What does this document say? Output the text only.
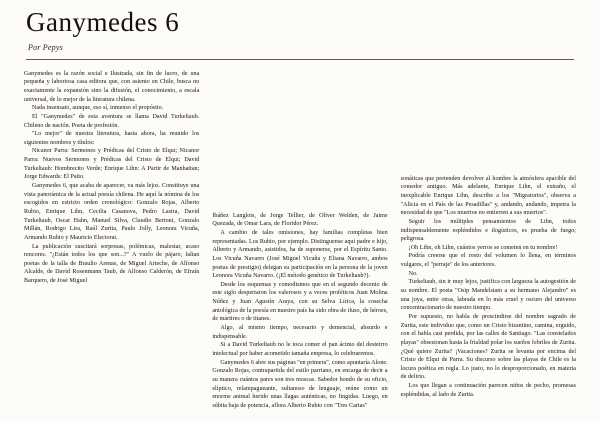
Ganymedes 6
Por Pepys

Ganymedes es la razón social e Ilustrada, sin fin de lucro, de una pequeña y laboriosa casa editora que, con asiento en Chile, busca no exactamente la expansión sino la difusión, el conocimiento, a escala universal, de lo mejor de la literatura chilena.

Nada insensato, aunque, eso sí, inmenso el propósito.

El "Ganymedes" de esta aventura se llama David Turkeltaub. Chileno de nación. Poeta de profesión.

"Lo mejor" de nuestra literatura, hasta ahora, ha reunido los siguientes nombres y títulos:

Nicanor Parra: Sermones y Prédicas del Cristo de Elqui; Nicanor Parra: Nuevos Sermones y Prédicas del Cristo de Elqui; David Turkeltaub: Hombrecito Verde; Enrique Lihn: A Partir de Manhattan; Jorge Edwards: El Patio.

Ganymedes 6, que acaba de aparecer, va más lejos. Constituye una vista panorámica de la actual poesía chilena. He aquí la nómina de los escogidos en estricto orden cronológico: Gonzalo Rojas, Alberto Rubio, Enrique Lihn, Cecilia Casanova, Pedro Lastra, David Turkeltaub, Oscar Hahn, Manuel Silva, Claudio Bertoni, Gonzalo Millán, Rodrigo Lira, Raúl Zurita, Paulo Jolly, Leonora Vicuña, Armando Rubio y Mauricio Electorat.

La publicación suscitará sorpresas, polémicas, malestar, acaso rencores. "¿Están todos los que son...?" A vuelo de pájaro, faltan poetas de la talla de Braulio Arenas, de Miguel Arteche, de Alfonso Alcalde, de David Rosenmann Taub, de Alfonso Calderón, de Efraín Barquero, de José Miguel

Ibáñez Langlois, de Jorge Tellier, de Oliver Welden, de Jaime Quezada, de Omar Lara, de Floridor Pérez.

A cambio de tales omisiones, hay familias completas bien representadas. Los Rubio, por ejemplo. Distinguense aquí padre e hijo, Alberto y Armando, asistidos, ha de suponerse, por el Espíritu Santo. Los Vicuña Navarro (José Miguel Vicuña y Eliana Navarro, ambos poetas de prestigio) delegan su participación en la persona de la joven Leonora Vicuña Navarro. (¡El método genético de Turkeltaub?).

Desde los esquemas y comodismos que en el segundo decenio de este siglo despertaron los valerosos y a veces proféticos Juan Molina Núñez y Juan Agustín Araya, con su Selva Lírica, la cosecha antológica de la poesía en nuestro país ha sido obra de iluso, de héroes, de mártires o de titanes.

Algo, al mismo tiempo, necesario y demencial, absurdo e indispensable.

Si a David Turkeltaub no le toca comer el pan ácimo del desteirro intelectual por haber acometido tamaña empresa, lo celebraremos.

Ganymedes 6 abre sus páginas "en primera", como apuntaría Alone. Gonzalo Rojas, contrapartida del estilo parriano, en encarga de decir a su manera cuántos pares son tres moscas. Sabedor hondo de su oficio, elíptico, relampagueante, sultanoso de lenguaje, reúne como un enorme animal herido unas llagas auténticas, no fingidas. Luego, en súbita baja de potencia, aflora Alberto Rubio con "Tres Cartas"

sonáticas que pretenden devolver al hombre la atmósfera apacible del comedor antiguo. Más adelante, Enrique Lihn, el extraño, el inexplicable Enrique Lihn, describe a los "Migratorios", observa a "Alicia en el País de las Pesadillas" y, andando, andando, impetra la necesidad de que "Los muertos no entierren a sus muertos".

Seguir los múltiples pensamientos de Lihn, todos indispensablemente espléndidos e ilogísticos, es prueba de fuego; peligrosa.

¡Oh Lihn, oh Lihn, cuántos yerros se cometen en tu nombre!

Podría creerse que el resto del volumen lo llena, en términos vulgares, el "perraje" de los anteriores.

No.

Turkeltaub, sin ir muy lejos, justifica con largueza la autogestión de su nombre. El poeta "Osip Mandelstam a su hermano Alejandro" es una joya, entre otras, labrada en lo más cruel y oscuro del universo concentracionario de nuestro tiempo.

Por supuesto, no habla de prescindirse del nombre sagrado de Zurita, este individuo que, como un Cristo bizantino, camina, erguido, con el habla casi perdida, por las calles de Santiago. "Las constelados playas" obsesionan hasta la frialdad polar los sueños febriles de Zurita. ¿Qué quiere Zurita? ¡Vacaciones? Zurita se levanta por encima del Cristo de Elqui de Parra. Su discurso sobre las playas de Chile es la locura poética en regla. Lo justo, no lo desproporcionado, en materia de delirio.

Los que llegan a continuación parecen niños de pecho, promesas espléndidas, al lado de Zurita.
